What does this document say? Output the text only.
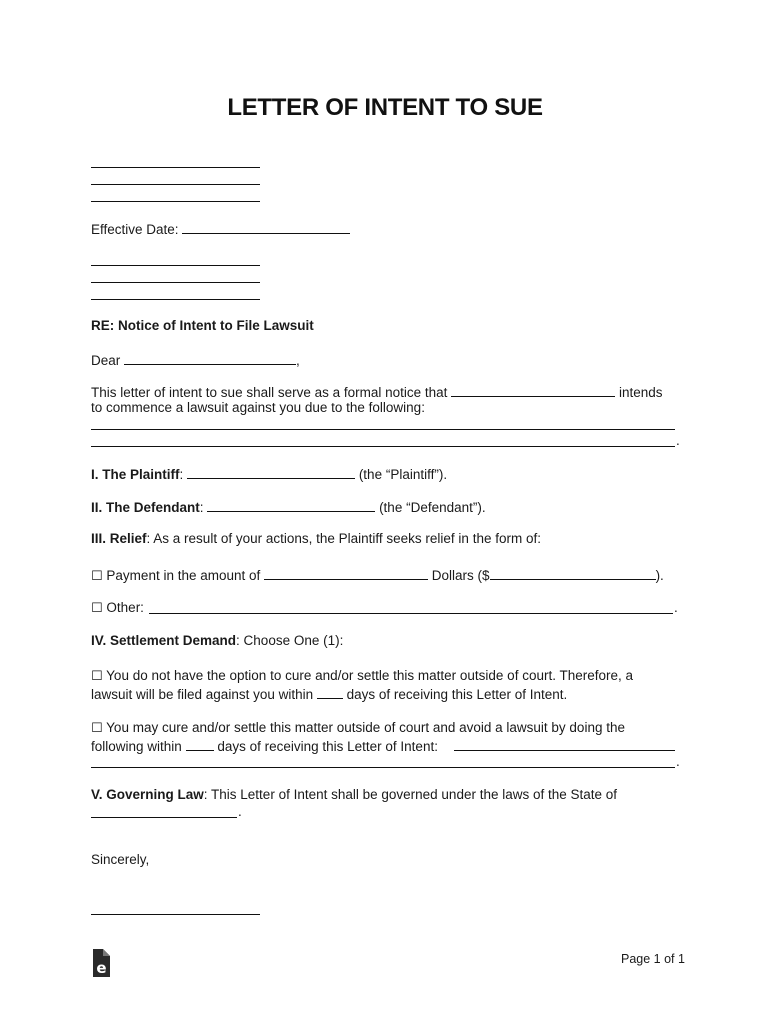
LETTER OF INTENT TO SUE
Effective Date:
RE: Notice of Intent to File Lawsuit
Dear	,
This letter of intent to sue shall serve as a formal notice that	intends
to commence a lawsuit against you due to the following:
.
I. The Plaintiff:	(the “Plaintiff”).
II. The Defendant:	(the “Defendant”).
III. Relief: As a result of your actions, the Plaintiff seeks relief in the form of:
☐ Payment in the amount of	Dollars ($	).
☐ Other:	.
IV. Settlement Demand: Choose One (1):
☐ You do not have the option to cure and/or settle this matter outside of court. Therefore, a
lawsuit will be filed against you within days of receiving this Letter of Intent.
☐ You may cure and/or settle this matter outside of court and avoid a lawsuit by doing the
following within	days of receiving this Letter of Intent:
.
V. Governing Law: This Letter of Intent shall be governed under the laws of the State of
.
Sincerely,
e	Page 1 of 1
